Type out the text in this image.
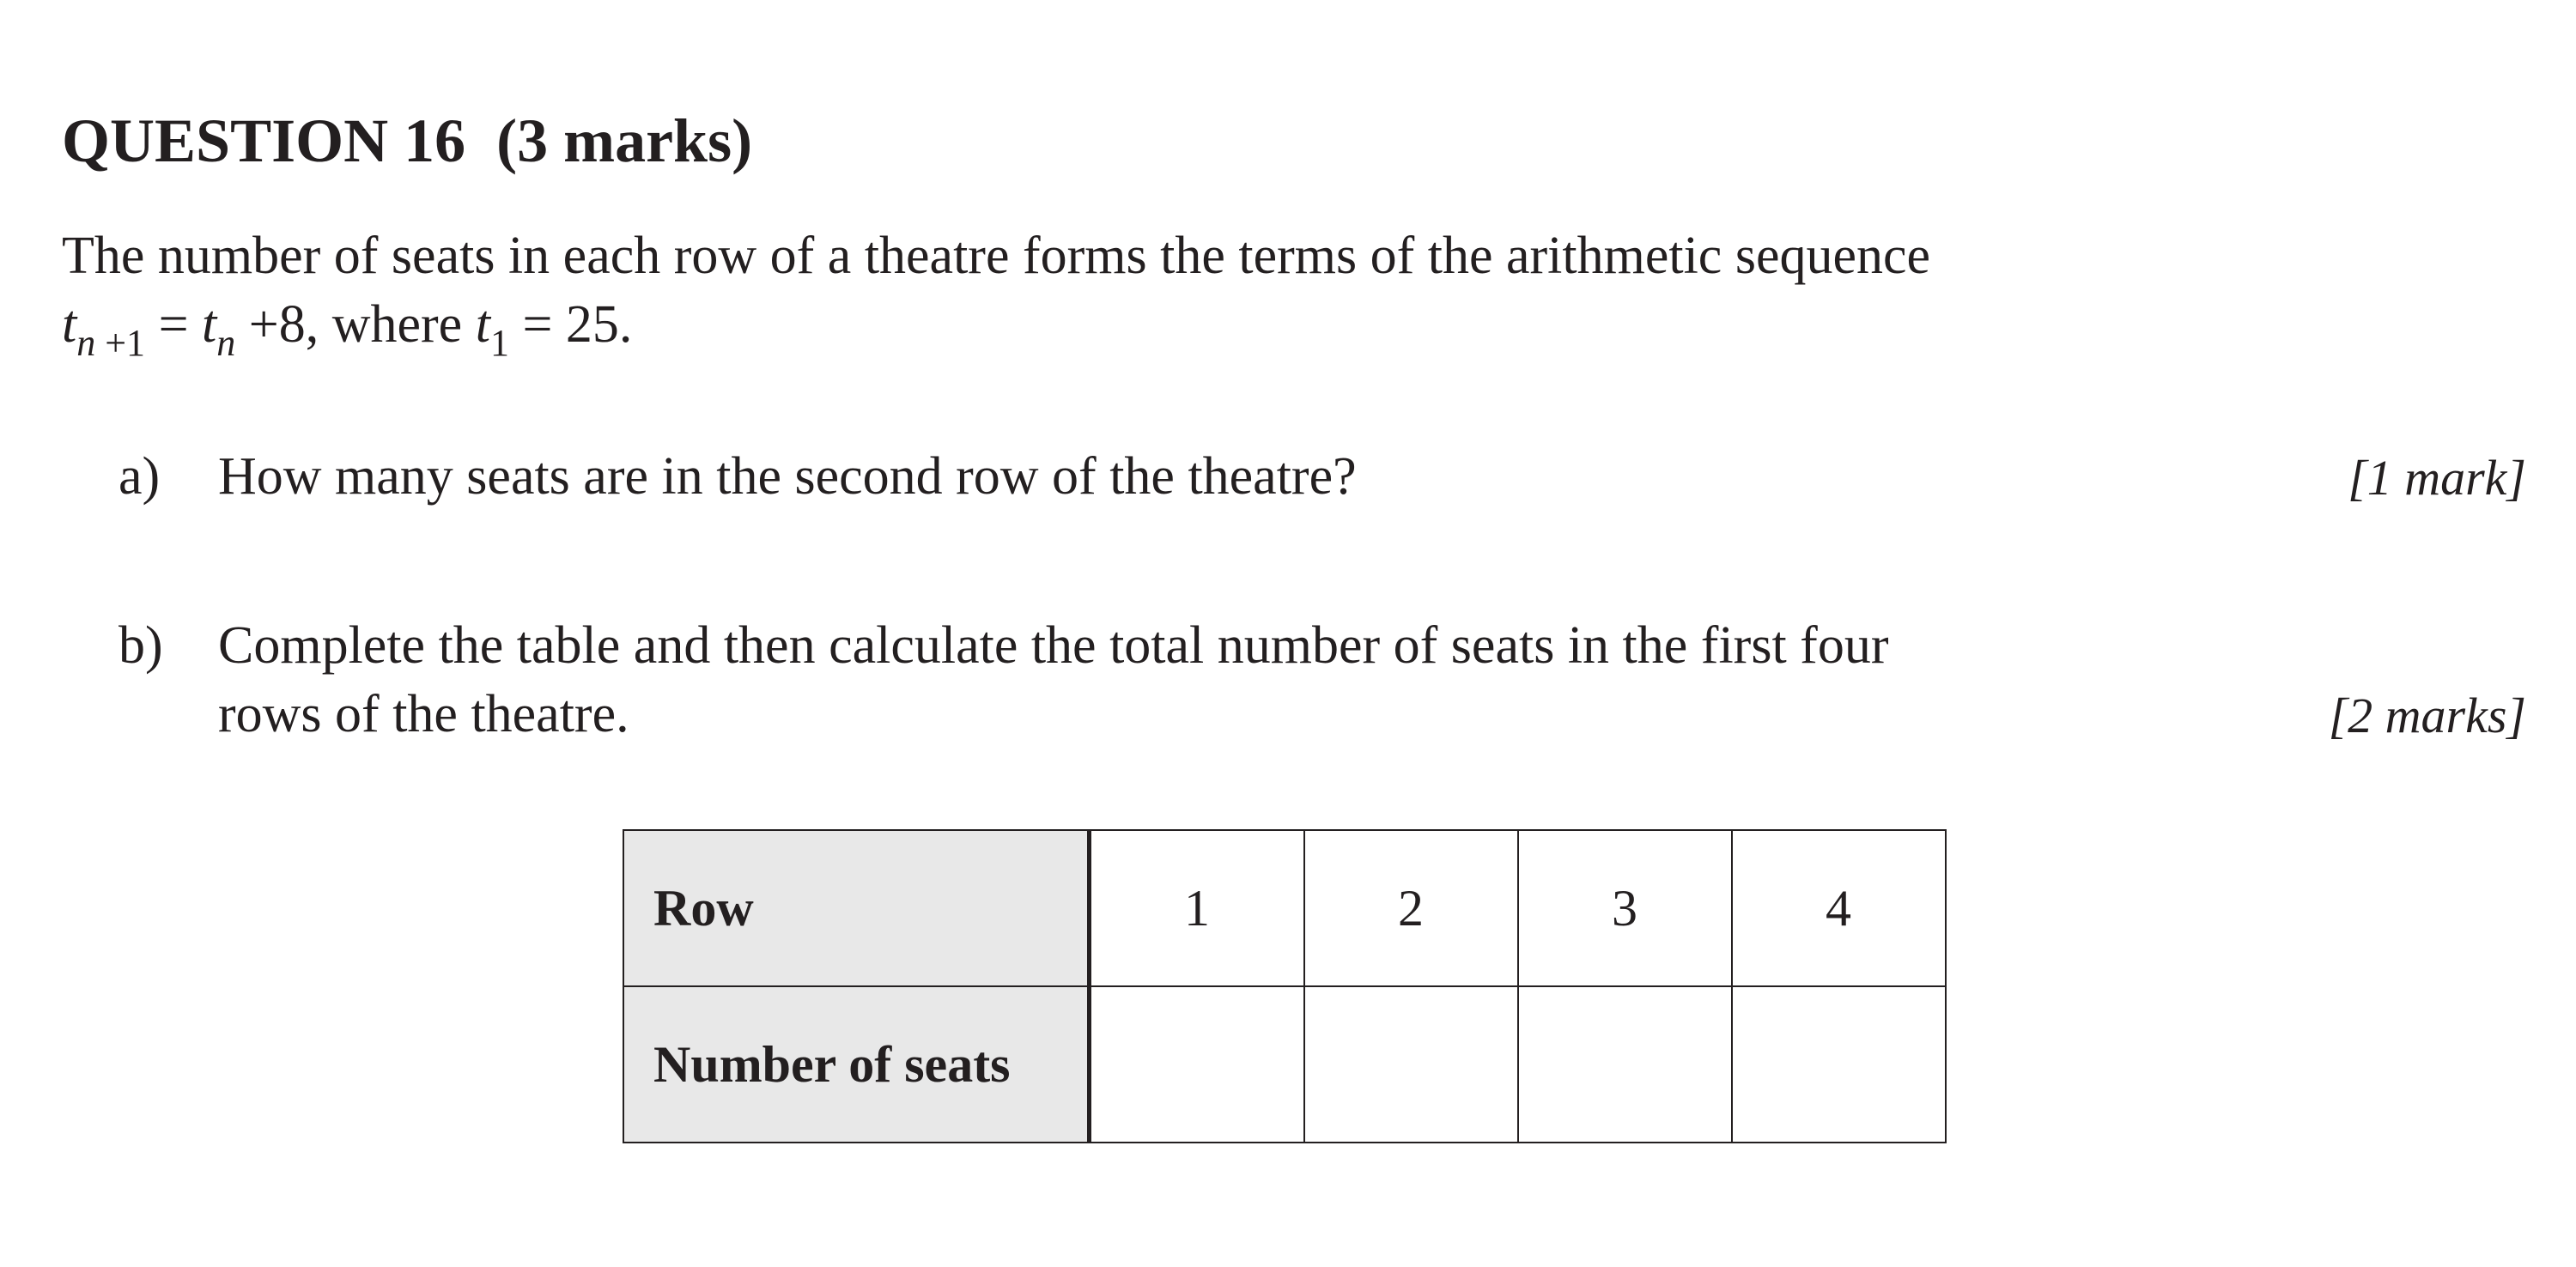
QUESTION 16  (3 marks)
The number of seats in each row of a theatre forms the terms of the arithmetic sequence
$t_{n +1} = t_n +8$, where $t_1 = 25$.
a) How many seats are in the second row of the theatre?	[1 mark]
b) Complete the table and then calculate the total number of seats in the first four
rows of the theatre.	[2 marks]
Row	1	2	3	4
Number of seats				
